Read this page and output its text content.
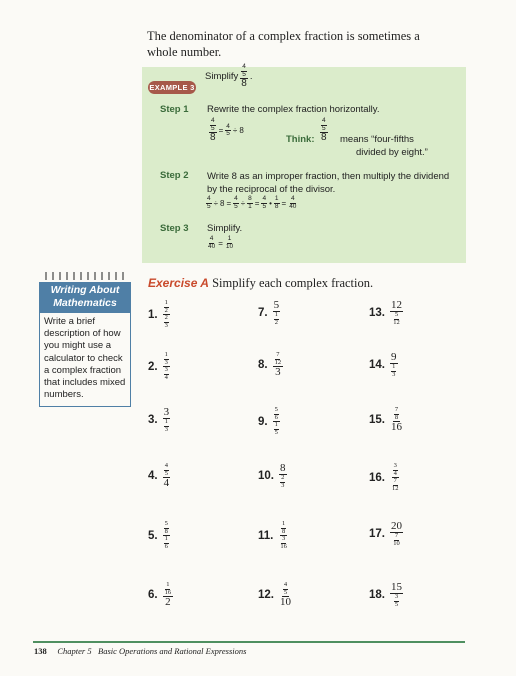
The denominator of a complex fraction is sometimes a whole number.
EXAMPLE 3
Simplify $\frac{\frac{4}{5}}{8}$ .
Step 1 Rewrite the complex fraction horizontally.
$\frac{\frac{4}{5}}{8} = \frac{4}{5} \div 8$
Think: $\frac{\frac{4}{5}}{8}$ means “four-fifths
divided by eight.”
Step 2 Write 8 as an improper fraction, then multiply the dividend by the reciprocal of the divisor.
$\frac{4}{5} \div 8 = \frac{4}{5} \div \frac{8}{1} = \frac{4}{5}$ • $\frac{1}{8} = \frac{4}{40}$
Step 3 Simplify.
$\frac{4}{40} = \frac{1}{10}$
Writing About
Mathematics
Write a brief description of how you might use a calculator to check a complex fraction that includes mixed numbers.
Exercise A Simplify each complex fraction.
1. $\frac{\frac{1}{2}}{\frac{2}{3}}$
2. $\frac{\frac{1}{3}}{\frac{3}{4}}$
3. $\frac{3}{\frac{1}{3}}$
4. $\frac{\frac{4}{5}}{4}$
5. $\frac{\frac{5}{8}}{\frac{1}{6}}$
6. $\frac{\frac{1}{16}}{2}$
7. $\frac{5}{\frac{1}{2}}$
8. $\frac{\frac{7}{12}}{3}$
9. $\frac{\frac{5}{6}}{\frac{1}{5}}$
10. $\frac{8}{\frac{2}{3}}$
11. $\frac{\frac{1}{8}}{\frac{3}{16}}$
12. $\frac{\frac{4}{5}}{10}$
13. $\frac{12}{\frac{5}{12}}$
14. $\frac{9}{\frac{1}{3}}$
15. $\frac{\frac{7}{8}}{16}$
16. $\frac{\frac{3}{4}}{\frac{7}{12}}$
17. $\frac{20}{\frac{7}{10}}$
18. $\frac{15}{\frac{3}{5}}$
138 Chapter 5 Basic Operations and Rational Expressions
